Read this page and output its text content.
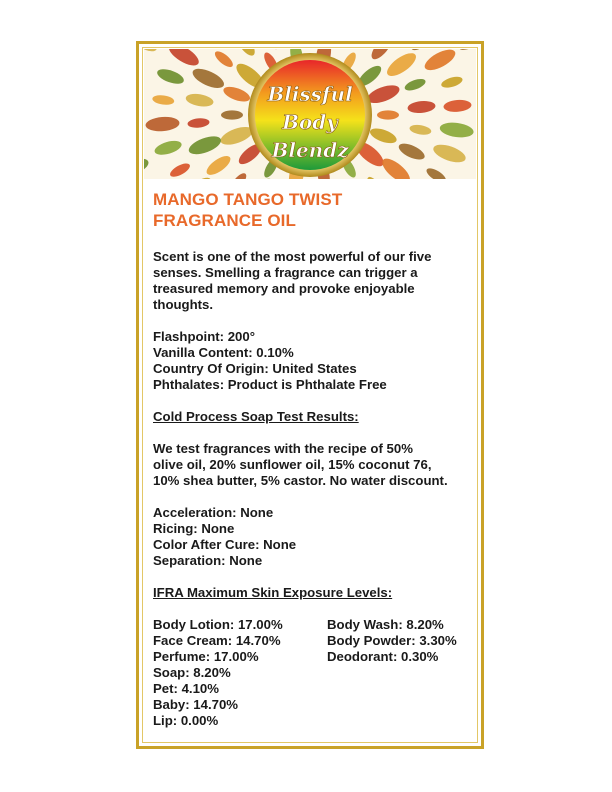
Blissful
Body
Blendz
MANGO TANGO TWIST
FRAGRANCE OIL
Scent is one of the most powerful of our five
senses. Smelling a fragrance can trigger a
treasured memory and provoke enjoyable
thoughts.
Flashpoint: 200°
Vanilla Content: 0.10%
Country Of Origin: United States
Phthalates: Product is Phthalate Free
Cold Process Soap Test Results:
We test fragrances with the recipe of 50%
olive oil, 20% sunflower oil, 15% coconut 76,
10% shea butter, 5% castor. No water discount.
Acceleration: None
Ricing: None
Color After Cure: None
Separation: None
IFRA Maximum Skin Exposure Levels:
Body Lotion: 17.00%
Face Cream: 14.70%
Perfume: 17.00%
Soap: 8.20%
Pet: 4.10%
Baby: 14.70%
Lip: 0.00%
Body Wash: 8.20%
Body Powder: 3.30%
Deodorant: 0.30%
